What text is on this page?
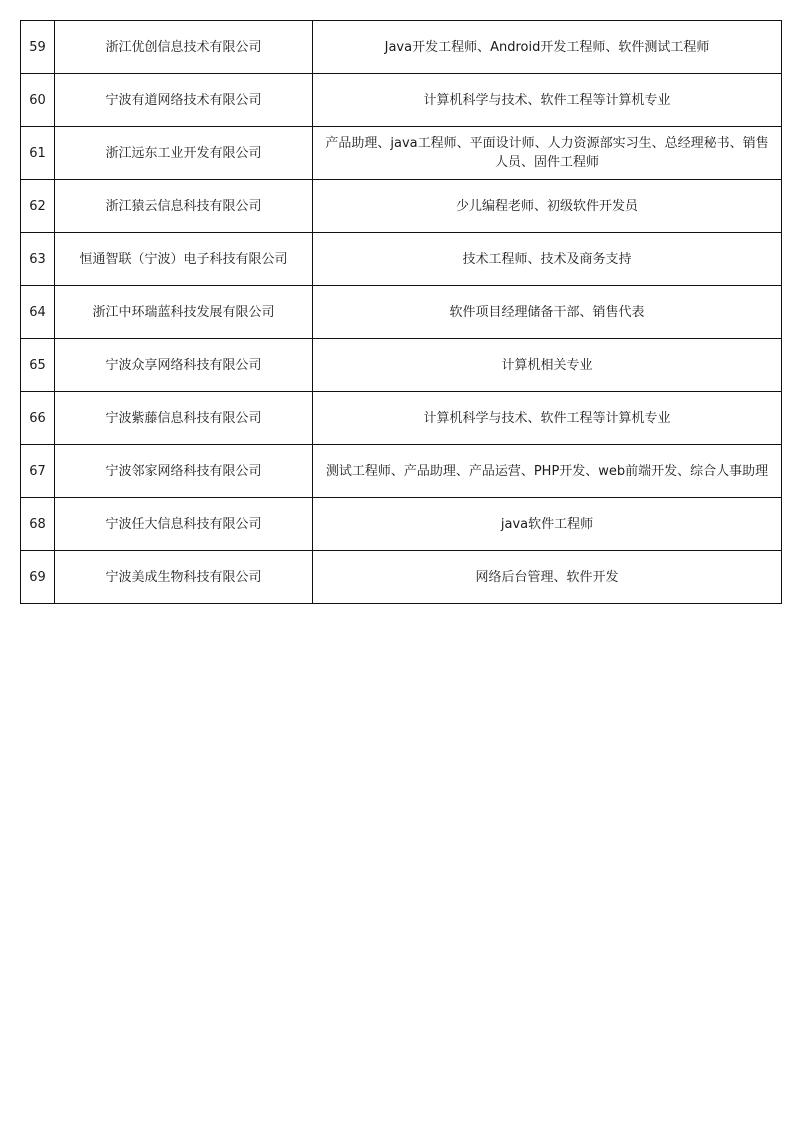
59	浙江优创信息技术有限公司	Java开发工程师、Android开发工程师、软件测试工程师
60	宁波有道网络技术有限公司	计算机科学与技术、软件工程等计算机专业
61	浙江远东工业开发有限公司	产品助理、java工程师、平面设计师、人力资源部实习生、总经理秘书、销售人员、固件工程师
62	浙江猿云信息科技有限公司	少儿编程老师、初级软件开发员
63	恒通智联（宁波）电子科技有限公司	技术工程师、技术及商务支持
64	浙江中环瑞蓝科技发展有限公司	软件项目经理储备干部、销售代表
65	宁波众享网络科技有限公司	计算机相关专业
66	宁波紫藤信息科技有限公司	计算机科学与技术、软件工程等计算机专业
67	宁波邻家网络科技有限公司	测试工程师、产品助理、产品运营、PHP开发、web前端开发、综合人事助理
68	宁波任大信息科技有限公司	java软件工程师
69	宁波美成生物科技有限公司	网络后台管理、软件开发
